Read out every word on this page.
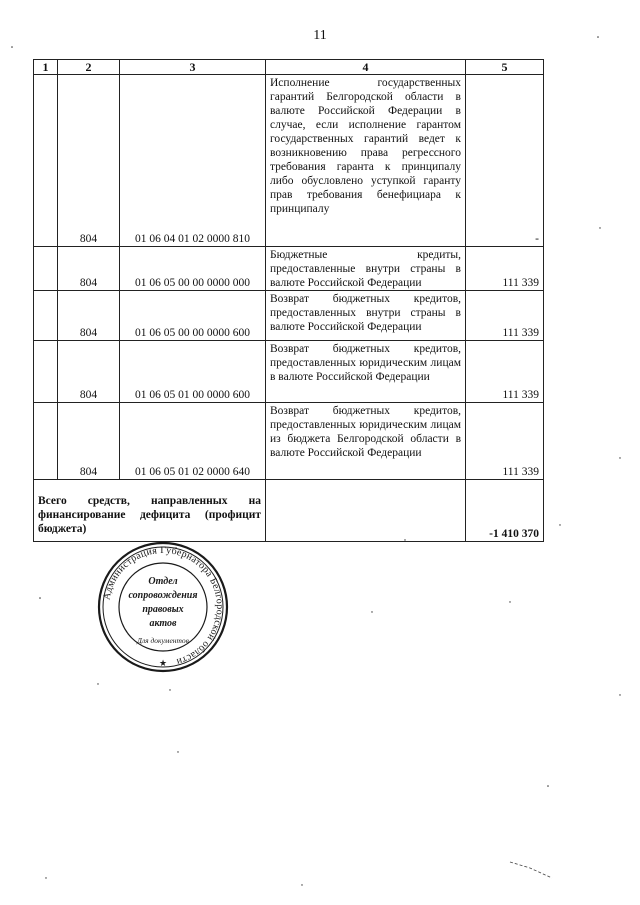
11
1	2	3	4	5
	804	01 06 04 01 02 0000 810	Исполнение государственных гарантий Белгородской области в валюте Российской Федерации в случае, если исполнение гарантом государственных гарантий ведет к возникновению права регрессного требования гаранта к принципалу либо обусловлено уступкой гаранту прав требования бенефициара к принципалу	-
	804	01 06 05 00 00 0000 000	Бюджетные кредиты, предоставленные внутри страны в валюте Российской Федерации	111 339
	804	01 06 05 00 00 0000 600	Возврат бюджетных кредитов, предоставленных внутри страны в валюте Российской Федерации	111 339
	804	01 06 05 01 00 0000 600	Возврат бюджетных кредитов, предоставленных юридическим лицам в валюте Российской Федерации	111 339
	804	01 06 05 01 02 0000 640	Возврат бюджетных кредитов, предоставленных юридическим лицам из бюджета Белгородской области в валюте Российской Федерации	111 339
Всего средств, направленных на финансирование дефицита (профицит бюджета)				-1 410 370
Администрация Губернатора Белгородской области
Отдел
сопровождения
правовых
актов
Для документов
★
